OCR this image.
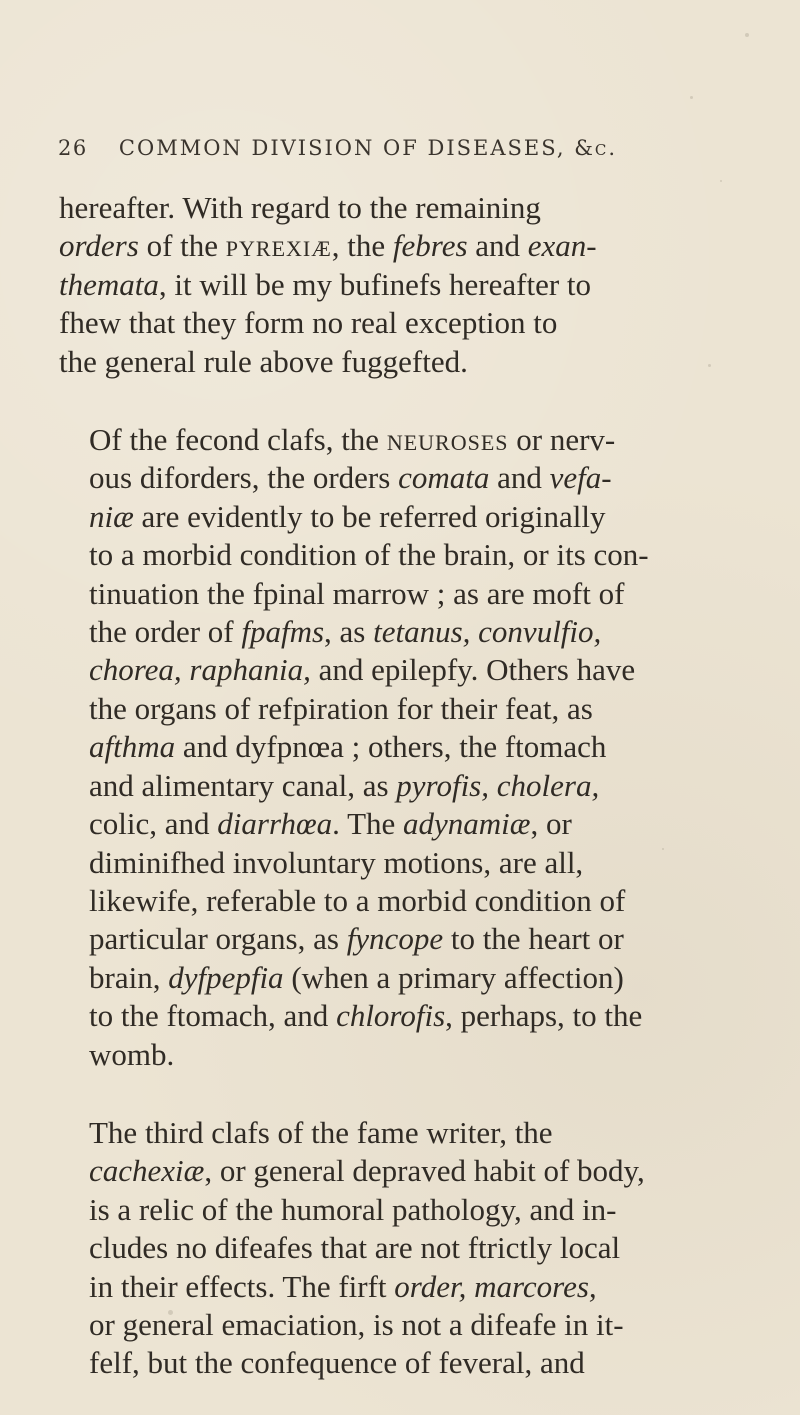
26 COMMON DIVISION OF DISEASES, &c.

hereafter. With regard to the remaining
orders of the pyrexiæ, the febres and exan-
themata, it will be my bufinefs hereafter to
fhew that they form no real exception to
the general rule above fuggefted.

Of the fecond clafs, the neuroses or nerv-
ous diforders, the orders comata and vefa-
niæ are evidently to be referred originally
to a morbid condition of the brain, or its con-
tinuation the fpinal marrow ; as are moft of
the order of fpafms, as tetanus, convulfio,
chorea, raphania, and epilepfy. Others have
the organs of refpiration for their feat, as
afthma and dyfpnœa ; others, the ftomach
and alimentary canal, as pyrofis, cholera,
colic, and diarrhœa. The adynamiæ, or
diminifhed involuntary motions, are all,
likewife, referable to a morbid condition of
particular organs, as fyncope to the heart or
brain, dyfpepfia (when a primary affection)
to the ftomach, and chlorofis, perhaps, to the
womb.

The third clafs of the fame writer, the
cachexiæ, or general depraved habit of body,
is a relic of the humoral pathology, and in-
cludes no difeafes that are not ftrictly local
in their effects. The firft order, marcores,
or general emaciation, is not a difeafe in it-
felf, but the confequence of feveral, and
